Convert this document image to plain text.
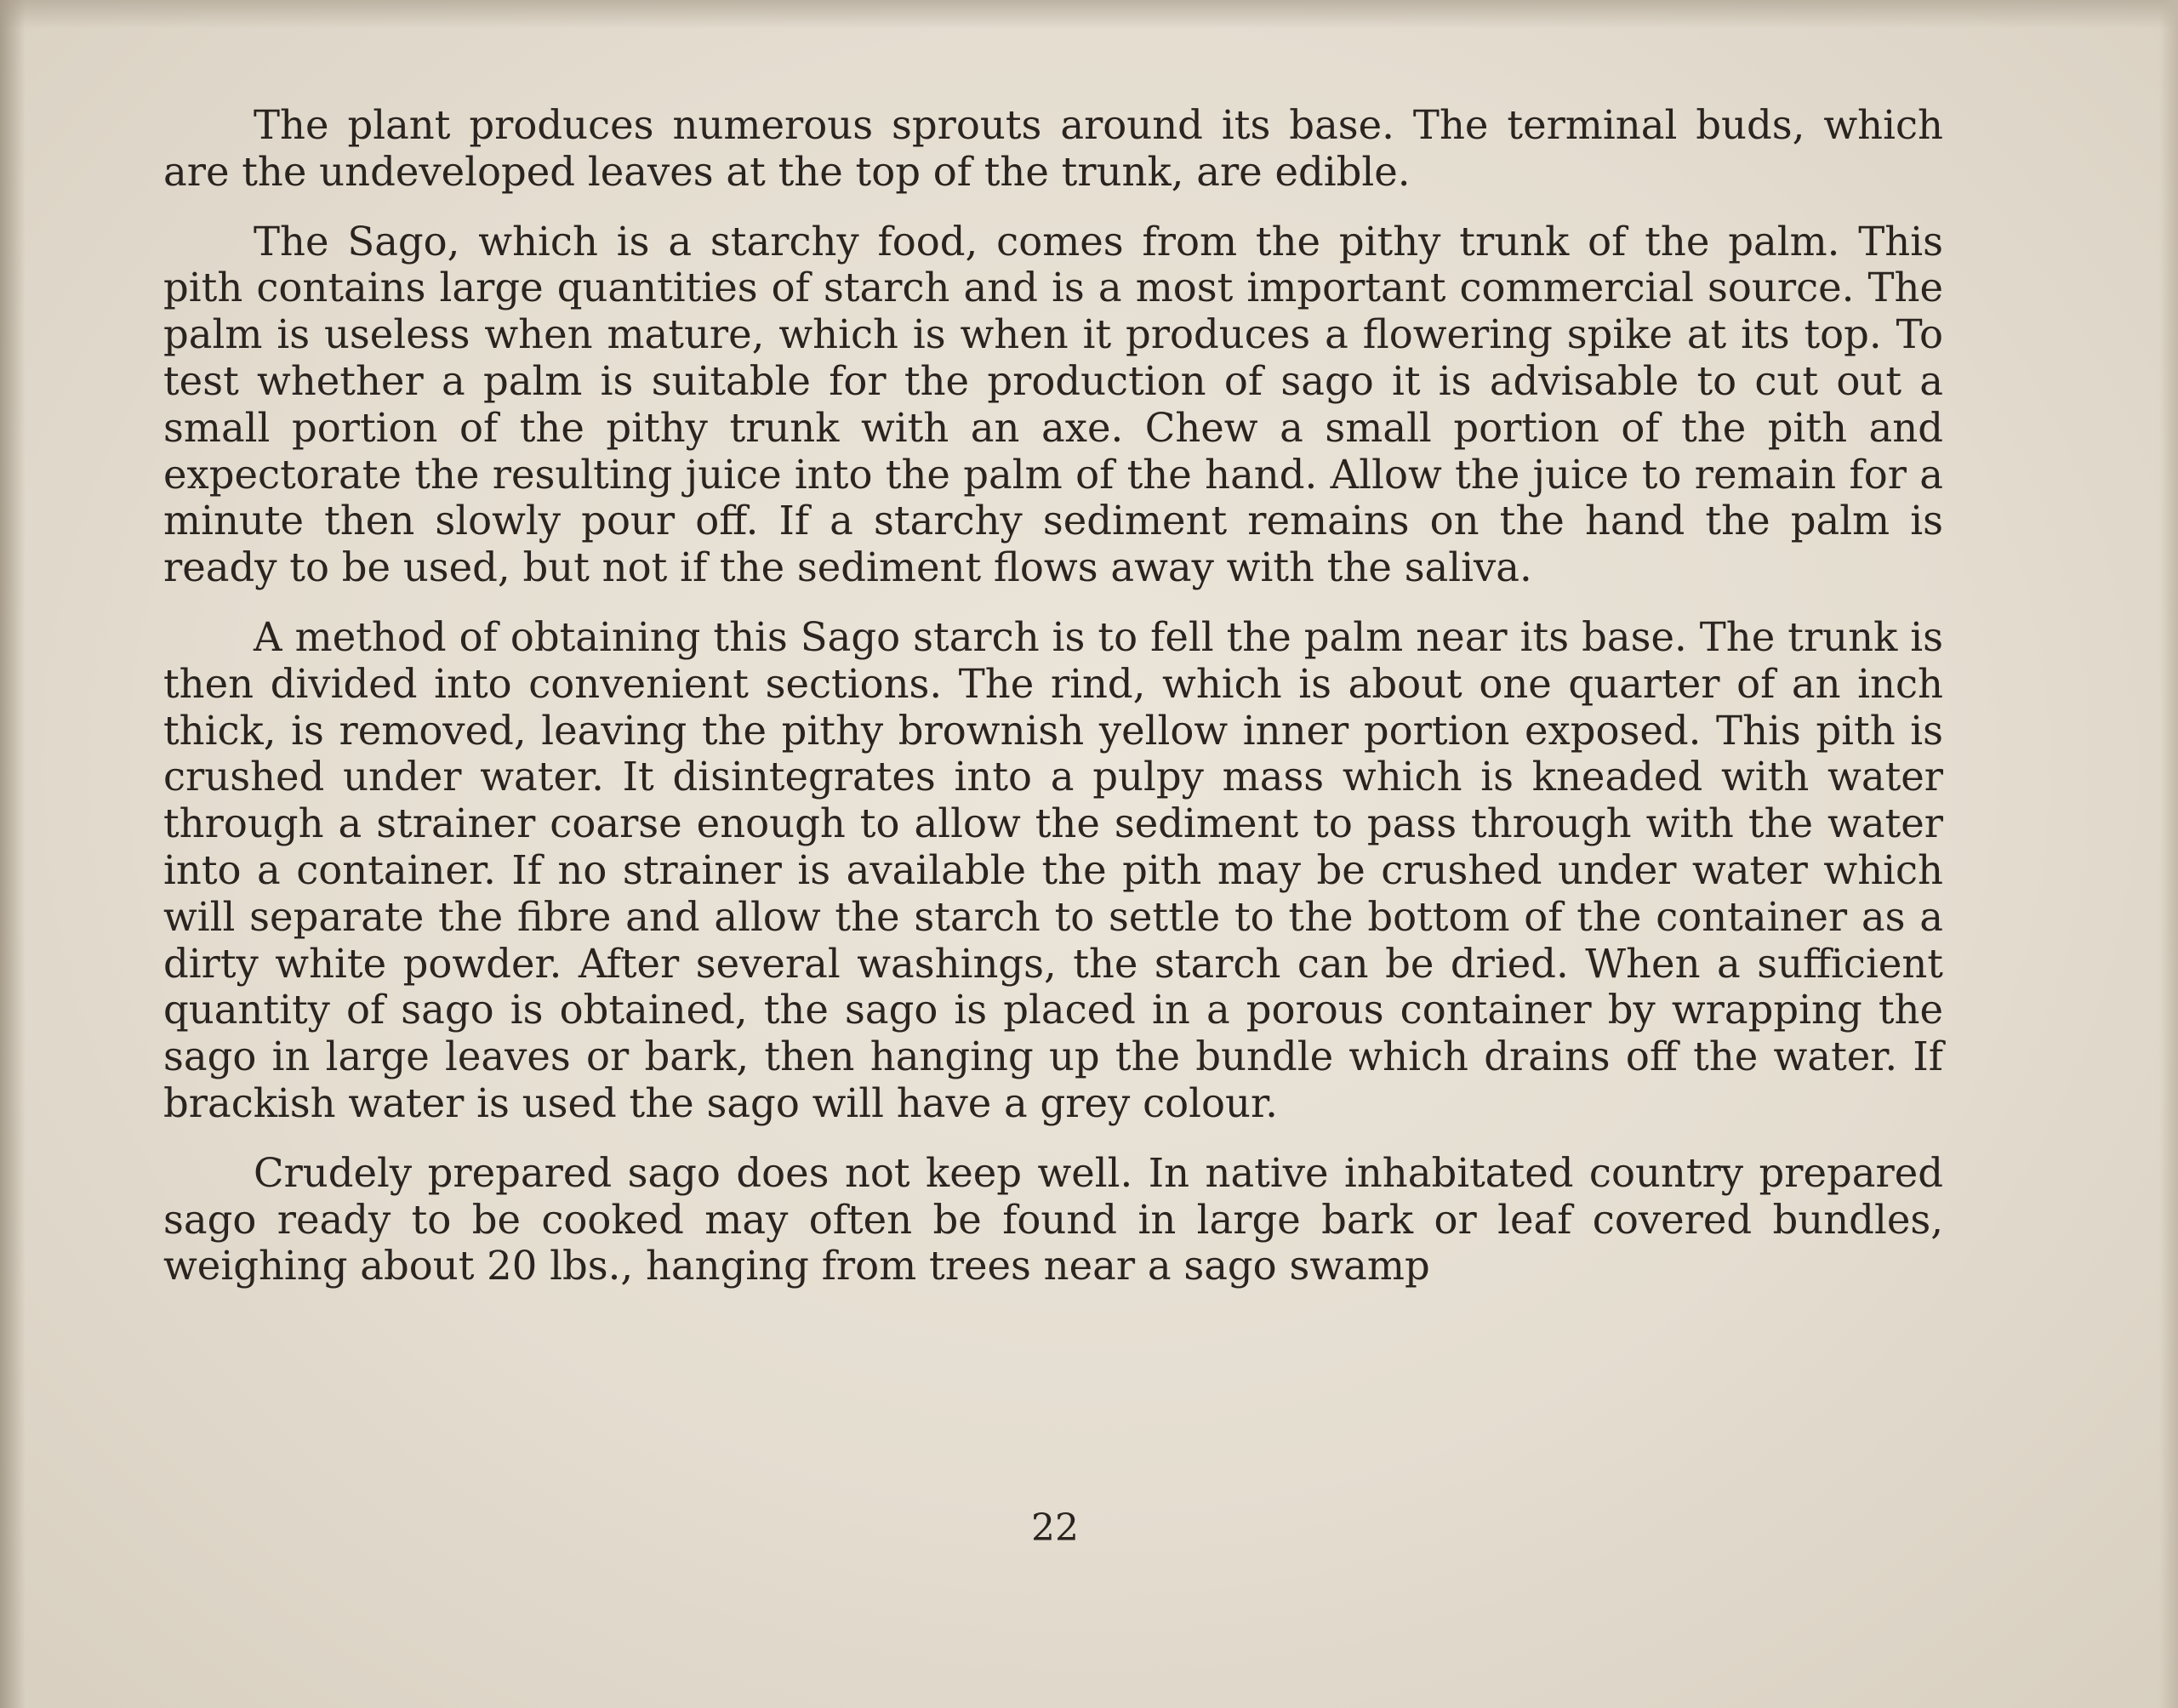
The plant produces numerous sprouts around its base. The terminal buds, which are the undeveloped leaves at the top of the trunk, are edible.

The Sago, which is a starchy food, comes from the pithy trunk of the palm. This pith contains large quantities of starch and is a most important commercial source. The palm is useless when mature, which is when it produces a flowering spike at its top. To test whether a palm is suitable for the production of sago it is advisable to cut out a small portion of the pithy trunk with an axe. Chew a small portion of the pith and expectorate the resulting juice into the palm of the hand. Allow the juice to remain for a minute then slowly pour off. If a starchy sediment remains on the hand the palm is ready to be used, but not if the sediment flows away with the saliva.

A method of obtaining this Sago starch is to fell the palm near its base. The trunk is then divided into convenient sections. The rind, which is about one quarter of an inch thick, is removed, leaving the pithy brownish yellow inner portion exposed. This pith is crushed under water. It disintegrates into a pulpy mass which is kneaded with water through a strainer coarse enough to allow the sediment to pass through with the water into a container. If no strainer is available the pith may be crushed under water which will separate the fibre and allow the starch to settle to the bottom of the container as a dirty white powder. After several washings, the starch can be dried. When a sufficient quantity of sago is obtained, the sago is placed in a porous container by wrapping the sago in large leaves or bark, then hanging up the bundle which drains off the water. If brackish water is used the sago will have a grey colour.

Crudely prepared sago does not keep well. In native inhabitated country prepared sago ready to be cooked may often be found in large bark or leaf covered bundles, weighing about 20 lbs., hanging from trees near a sago swamp

22
